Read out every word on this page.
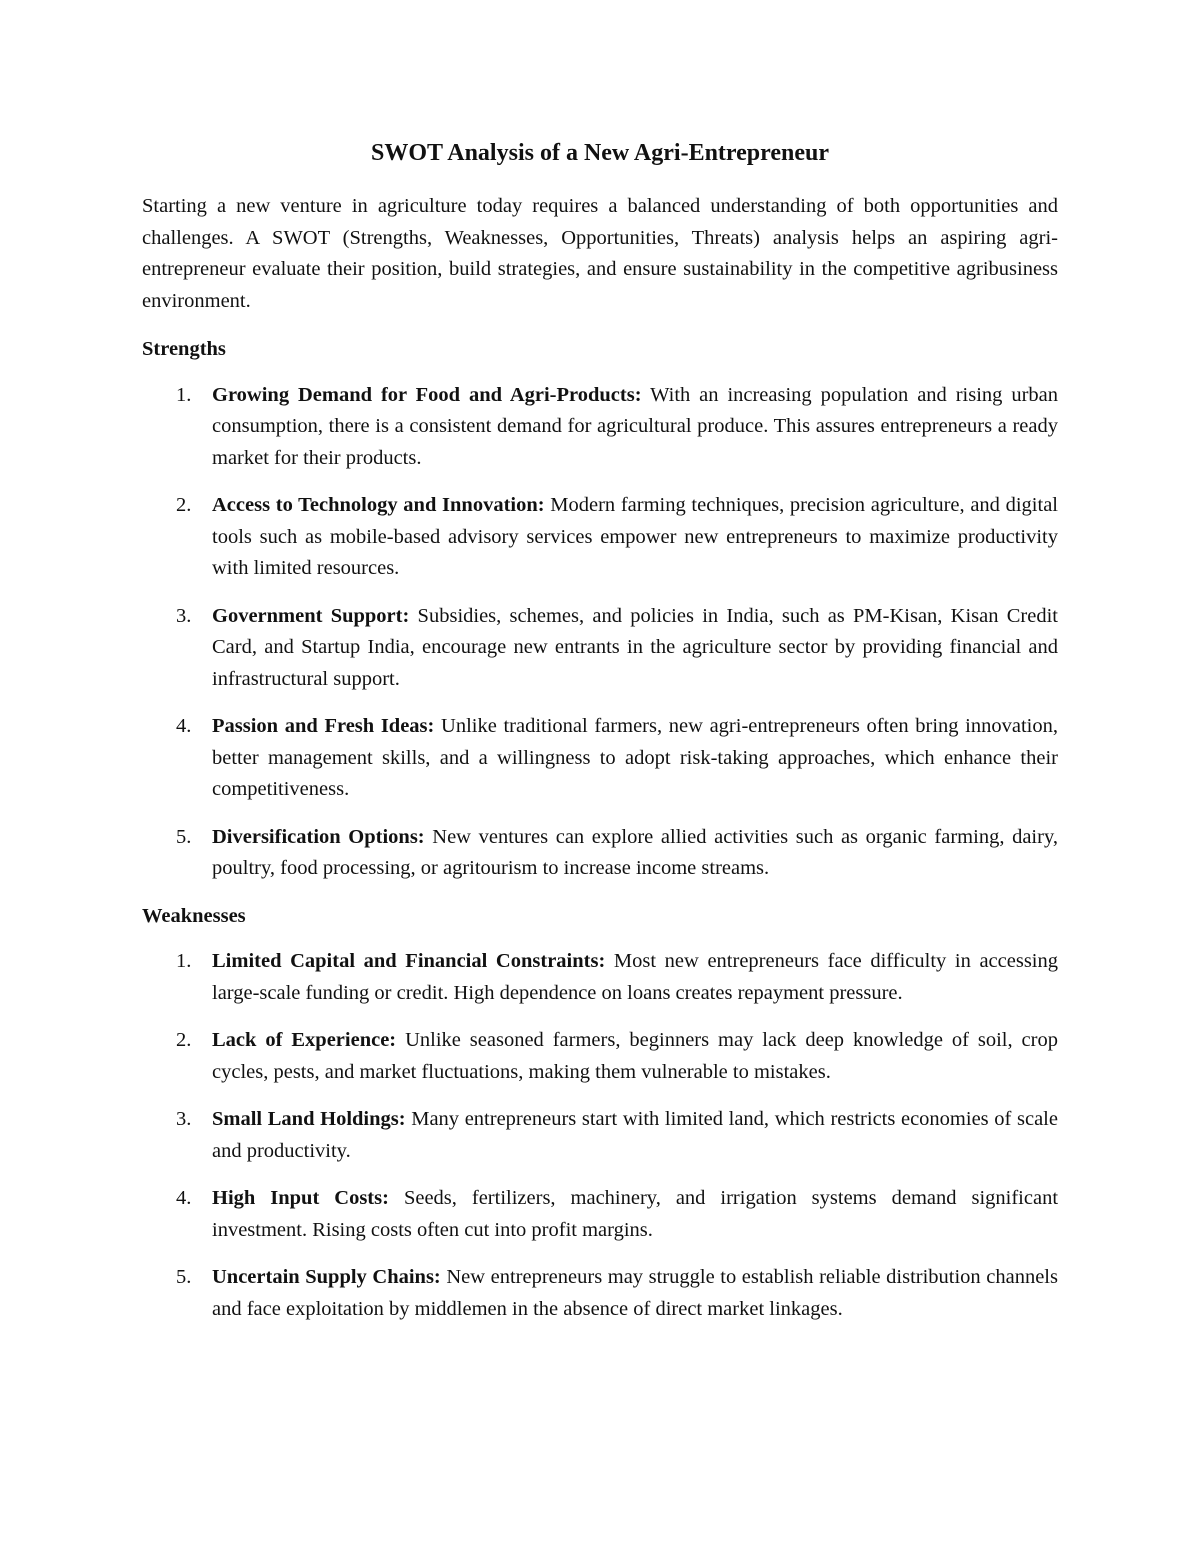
SWOT Analysis of a New Agri-Entrepreneur

Starting a new venture in agriculture today requires a balanced understanding of both opportunities and challenges. A SWOT (Strengths, Weaknesses, Opportunities, Threats) analysis helps an aspiring agri-entrepreneur evaluate their position, build strategies, and ensure sustainability in the competitive agribusiness environment.

Strengths
1. Growing Demand for Food and Agri-Products: With an increasing population and rising urban consumption, there is a consistent demand for agricultural produce. This assures entrepreneurs a ready market for their products.
2. Access to Technology and Innovation: Modern farming techniques, precision agriculture, and digital tools such as mobile-based advisory services empower new entrepreneurs to maximize productivity with limited resources.
3. Government Support: Subsidies, schemes, and policies in India, such as PM-Kisan, Kisan Credit Card, and Startup India, encourage new entrants in the agriculture sector by providing financial and infrastructural support.
4. Passion and Fresh Ideas: Unlike traditional farmers, new agri-entrepreneurs often bring innovation, better management skills, and a willingness to adopt risk-taking approaches, which enhance their competitiveness.
5. Diversification Options: New ventures can explore allied activities such as organic farming, dairy, poultry, food processing, or agritourism to increase income streams.
Weaknesses
1. Limited Capital and Financial Constraints: Most new entrepreneurs face difficulty in accessing large-scale funding or credit. High dependence on loans creates repayment pressure.
2. Lack of Experience: Unlike seasoned farmers, beginners may lack deep knowledge of soil, crop cycles, pests, and market fluctuations, making them vulnerable to mistakes.
3. Small Land Holdings: Many entrepreneurs start with limited land, which restricts economies of scale and productivity.
4. High Input Costs: Seeds, fertilizers, machinery, and irrigation systems demand significant investment. Rising costs often cut into profit margins.
5. Uncertain Supply Chains: New entrepreneurs may struggle to establish reliable distribution channels and face exploitation by middlemen in the absence of direct market linkages.
